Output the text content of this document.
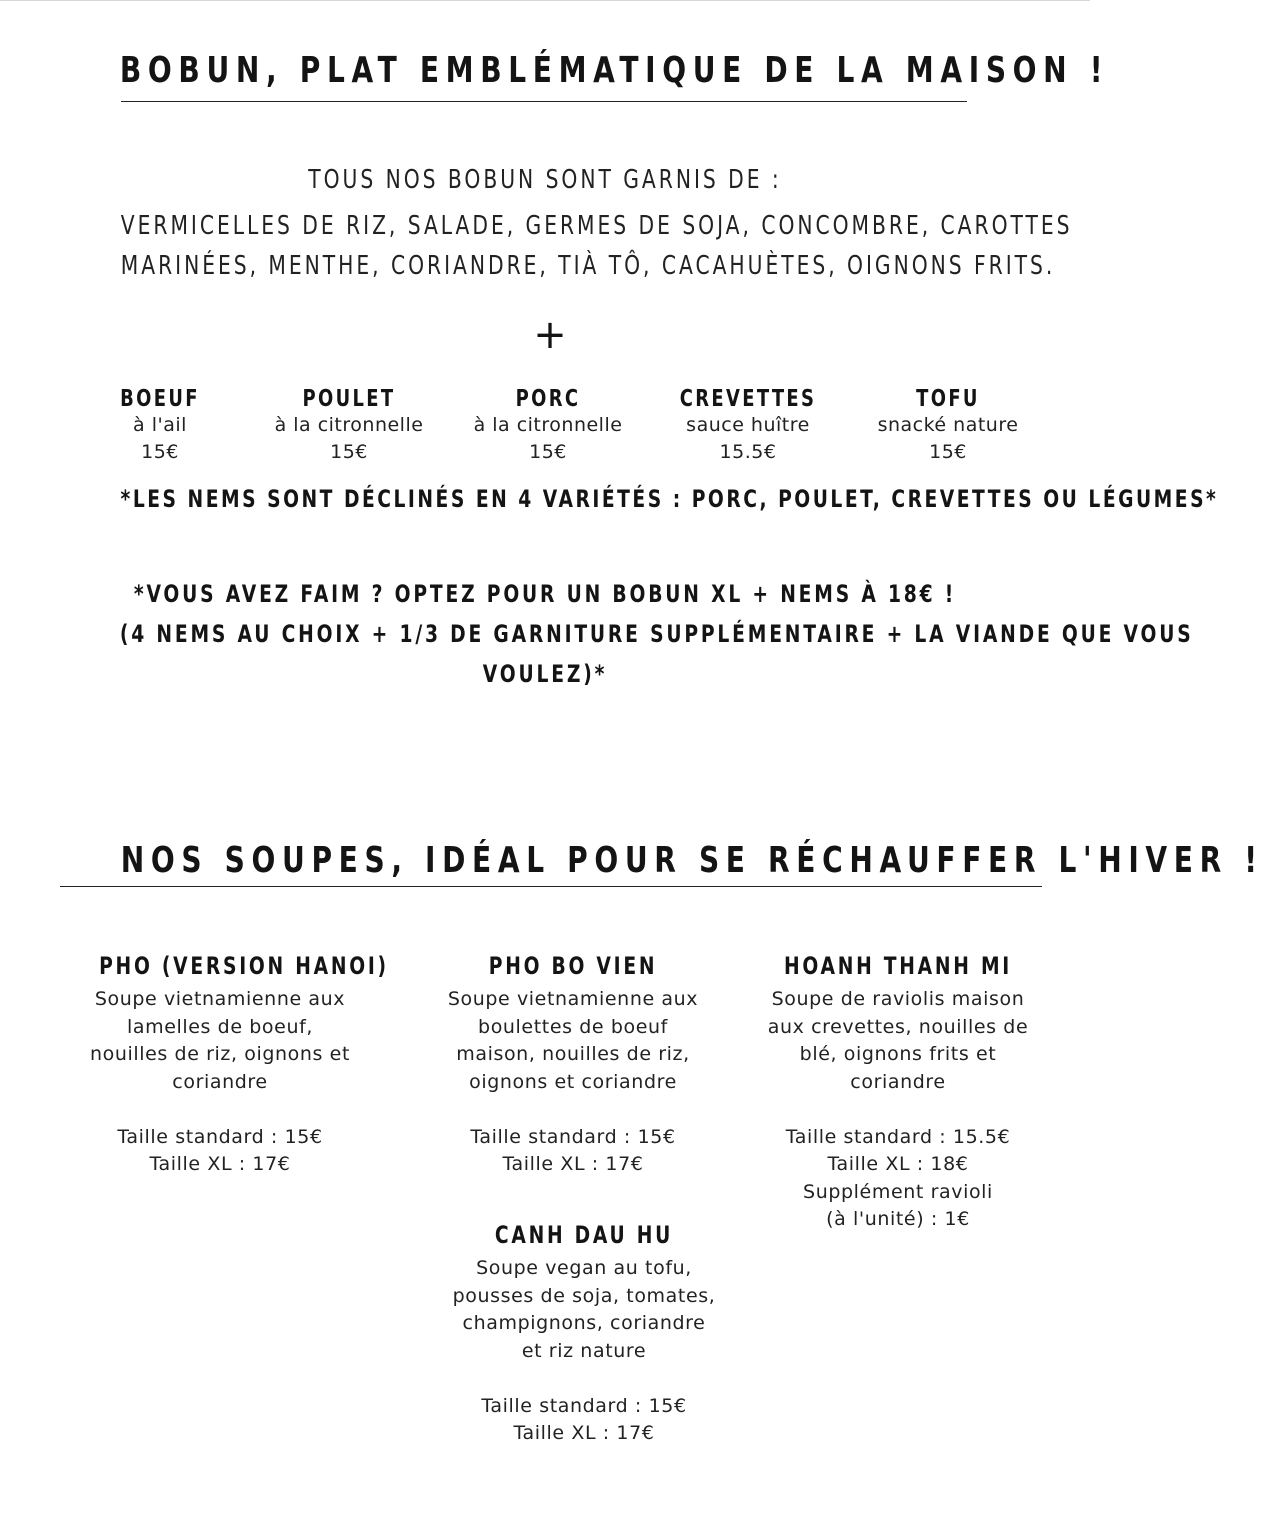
BOBUN, PLAT EMBLÉMATIQUE DE LA MAISON !
TOUS NOS BOBUN SONT GARNIS DE :
VERMICELLES DE RIZ, SALADE, GERMES DE SOJA, CONCOMBRE, CAROTTES
MARINÉES, MENTHE, CORIANDRE, TIÀ TÔ, CACAHUÈTES, OIGNONS FRITS.
+
BOEUF
à l'ail
15€
POULET
à la citronnelle
15€
PORC
à la citronnelle
15€
CREVETTES
sauce huître
15.5€
TOFU
snacké nature
15€
*LES NEMS SONT DÉCLINÉS EN 4 VARIÉTÉS : PORC, POULET, CREVETTES OU LÉGUMES*
*VOUS AVEZ FAIM ? OPTEZ POUR UN BOBUN XL + NEMS À 18€ !
(4 NEMS AU CHOIX + 1/3 DE GARNITURE SUPPLÉMENTAIRE + LA VIANDE QUE VOUS
VOULEZ)*
NOS SOUPES, IDÉAL POUR SE RÉCHAUFFER L'HIVER !
PHO (VERSION HANOI)
Soupe vietnamienne aux
lamelles de boeuf,
nouilles de riz, oignons et
coriandre
Taille standard : 15€
Taille XL : 17€
PHO BO VIEN
Soupe vietnamienne aux
boulettes de boeuf
maison, nouilles de riz,
oignons et coriandre
Taille standard : 15€
Taille XL : 17€
HOANH THANH MI
Soupe de raviolis maison
aux crevettes, nouilles de
blé, oignons frits et
coriandre
Taille standard : 15.5€
Taille XL : 18€
Supplément ravioli
(à l'unité) : 1€
CANH DAU HU
Soupe vegan au tofu,
pousses de soja, tomates,
champignons, coriandre
et riz nature
Taille standard : 15€
Taille XL : 17€
